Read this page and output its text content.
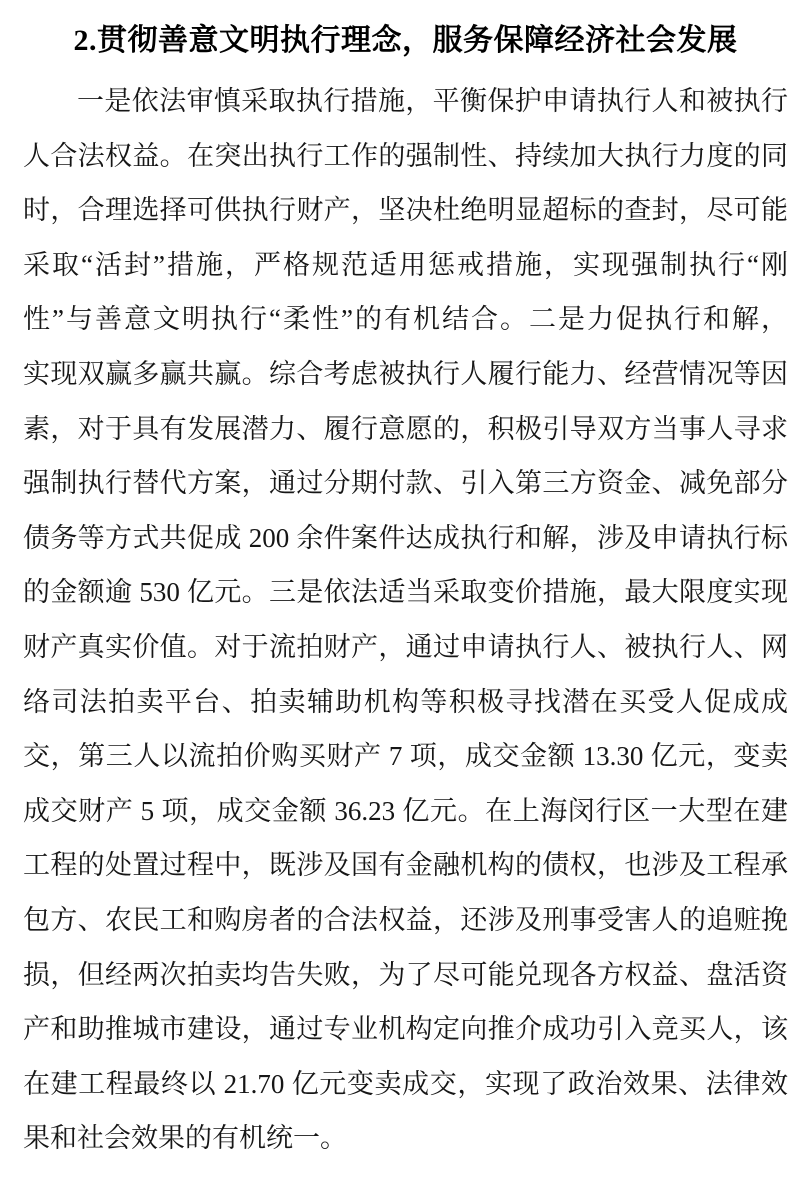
2.贯彻善意文明执行理念，服务保障经济社会发展
一是依法审慎采取执行措施，平衡保护申请执行人和被执行
人合法权益。在突出执行工作的强制性、持续加大执行力度的同
时，合理选择可供执行财产，坚决杜绝明显超标的查封，尽可能
采取“活封”措施，严格规范适用惩戒措施，实现强制执行“刚
性”与善意文明执行“柔性”的有机结合。二是力促执行和解，
实现双赢多赢共赢。综合考虑被执行人履行能力、经营情况等因
素，对于具有发展潜力、履行意愿的，积极引导双方当事人寻求
强制执行替代方案，通过分期付款、引入第三方资金、减免部分
债务等方式共促成 200 余件案件达成执行和解，涉及申请执行标
的金额逾 530 亿元。三是依法适当采取变价措施，最大限度实现
财产真实价值。对于流拍财产，通过申请执行人、被执行人、网
络司法拍卖平台、拍卖辅助机构等积极寻找潜在买受人促成成
交，第三人以流拍价购买财产 7 项，成交金额 13.30 亿元，变卖
成交财产 5 项，成交金额 36.23 亿元。在上海闵行区一大型在建
工程的处置过程中，既涉及国有金融机构的债权，也涉及工程承
包方、农民工和购房者的合法权益，还涉及刑事受害人的追赃挽
损，但经两次拍卖均告失败，为了尽可能兑现各方权益、盘活资
产和助推城市建设，通过专业机构定向推介成功引入竞买人，该
在建工程最终以 21.70 亿元变卖成交，实现了政治效果、法律效
果和社会效果的有机统一。
